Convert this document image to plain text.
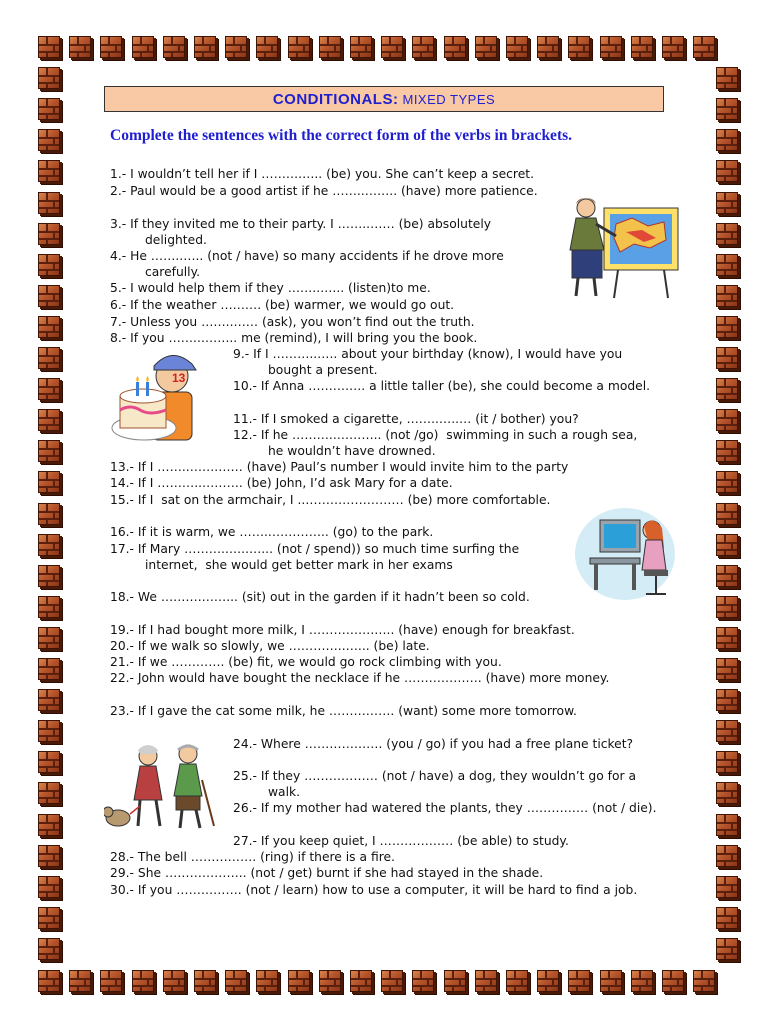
CONDITIONALS: MIXED TYPES
Complete the sentences with the correct form of the verbs in brackets.
1.- I wouldn’t tell her if I ……….….. (be) you. She can’t keep a secret.
2.- Paul would be a good artist if he ……..…….. (have) more patience.
3.- If they invited me to their party. I ……..…… (be) absolutely delighted.
4.- He ……..….. (not / have) so many accidents if he drove more carefully.
5.- I would help them if they ……..…... (listen)to me.
6.- If the weather ………. (be) warmer, we would go out.
7.- Unless you ……..…… (ask), you won’t find out the truth.
8.- If you ……..……... me (remind), I will bring you the book.
9.- If I ………..….. about your birthday (know), I would have you bought a present.
10.- If Anna ……….…. a little taller (be), she could become a model.
11.- If I smoked a cigarette, ……..…..… (it / bother) you?
12.- If he ………..……….. (not /go)  swimming in such a rough sea, he wouldn’t have drowned.
13.- If I ……..…….…… (have) Paul’s number I would invite him to the party
14.- If I ………..………. (be) John, I’d ask Mary for a date.
15.- If I  sat on the armchair, I ..…………………… (be) more comfortable.
16.- If it is warm, we ……..………….. (go) to the park.
17.- If Mary ………..…..…... (not / spend)) so much time surfing the internet,  she would get better mark in her exams
18.- We ……….……... (sit) out in the garden if it hadn’t been so cold.
19.- If I had bought more milk, I …………….….. (have) enough for breakfast.
20.- If we walk so slowly, we …………..…... (be) late.
21.- If we …………. (be) fit, we would go rock climbing with you.
22.- John would have bought the necklace if he ………………. (have) more money.
23.- If I gave the cat some milk, he ……………. (want) some more tomorrow.
24.- Where ………………. (you / go) if you had a free plane ticket?
25.- If they ……………… (not / have) a dog, they wouldn’t go for a walk.
26.- If my mother had watered the plants, they …………… (not / die).
27.- If you keep quiet, I ……………… (be able) to study.
28.- The bell ……………. (ring) if there is a fire.
29.- She ……………….. (not / get) burnt if she had stayed in the shade.
30.- If you ……………. (not / learn) how to use a computer, it will be hard to find a job.
13
